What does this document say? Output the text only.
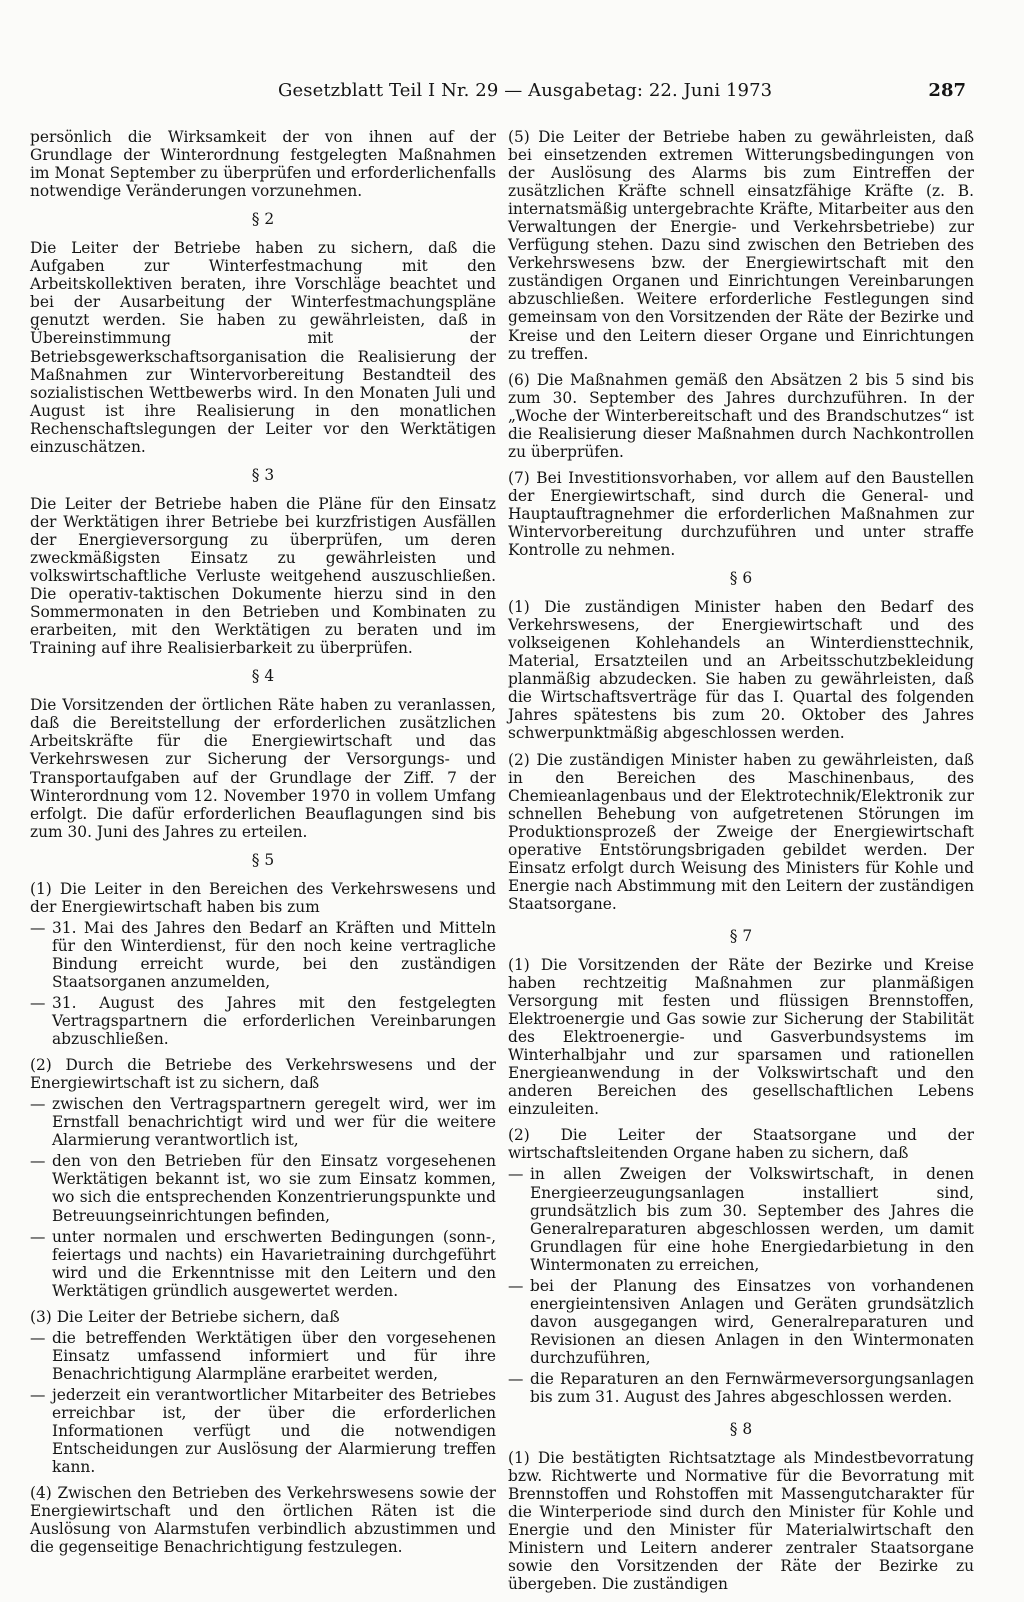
Gesetzblatt Teil I Nr. 29 — Ausgabetag: 22. Juni 1973	287

persönlich die Wirksamkeit der von ihnen auf der Grundlage der Winterordnung festgelegten Maßnahmen im Monat September zu überprüfen und erforderlichenfalls notwendige Veränderungen vorzunehmen.

§ 2

Die Leiter der Betriebe haben zu sichern, daß die Aufgaben zur Winterfestmachung mit den Arbeitskollektiven beraten, ihre Vorschläge beachtet und bei der Ausarbeitung der Winterfestmachungspläne genutzt werden. Sie haben zu gewährleisten, daß in Übereinstimmung mit der Betriebsgewerkschaftsorganisation die Realisierung der Maßnahmen zur Wintervorbereitung Bestandteil des sozialistischen Wettbewerbs wird. In den Monaten Juli und August ist ihre Realisierung in den monatlichen Rechenschaftslegungen der Leiter vor den Werktätigen einzuschätzen.

§ 3

Die Leiter der Betriebe haben die Pläne für den Einsatz der Werktätigen ihrer Betriebe bei kurzfristigen Ausfällen der Energieversorgung zu überprüfen, um deren zweckmäßigsten Einsatz zu gewährleisten und volkswirtschaftliche Verluste weitgehend auszuschließen. Die operativ-taktischen Dokumente hierzu sind in den Sommermonaten in den Betrieben und Kombinaten zu erarbeiten, mit den Werktätigen zu beraten und im Training auf ihre Realisierbarkeit zu überprüfen.

§ 4

Die Vorsitzenden der örtlichen Räte haben zu veranlassen, daß die Bereitstellung der erforderlichen zusätzlichen Arbeitskräfte für die Energiewirtschaft und das Verkehrswesen zur Sicherung der Versorgungs- und Transportaufgaben auf der Grundlage der Ziff. 7 der Winterordnung vom 12. November 1970 in vollem Umfang erfolgt. Die dafür erforderlichen Beauflagungen sind bis zum 30. Juni des Jahres zu erteilen.

§ 5

(1) Die Leiter in den Bereichen des Verkehrswesens und der Energiewirtschaft haben bis zum

— 31. Mai des Jahres den Bedarf an Kräften und Mitteln für den Winterdienst, für den noch keine vertragliche Bindung erreicht wurde, bei den zuständigen Staatsorganen anzumelden,
— 31. August des Jahres mit den festgelegten Vertragspartnern die erforderlichen Vereinbarungen abzuschließen.

(2) Durch die Betriebe des Verkehrswesens und der Energiewirtschaft ist zu sichern, daß

— zwischen den Vertragspartnern geregelt wird, wer im Ernstfall benachrichtigt wird und wer für die weitere Alarmierung verantwortlich ist,
— den von den Betrieben für den Einsatz vorgesehenen Werktätigen bekannt ist, wo sie zum Einsatz kommen, wo sich die entsprechenden Konzentrierungspunkte und Betreuungseinrichtungen befinden,
— unter normalen und erschwerten Bedingungen (sonn-, feiertags und nachts) ein Havarietraining durchgeführt wird und die Erkenntnisse mit den Leitern und den Werktätigen gründlich ausgewertet werden.

(3) Die Leiter der Betriebe sichern, daß

— die betreffenden Werktätigen über den vorgesehenen Einsatz umfassend informiert und für ihre Benachrichtigung Alarmpläne erarbeitet werden,
— jederzeit ein verantwortlicher Mitarbeiter des Betriebes erreichbar ist, der über die erforderlichen Informationen verfügt und die notwendigen Entscheidungen zur Auslösung der Alarmierung treffen kann.

(4) Zwischen den Betrieben des Verkehrswesens sowie der Energiewirtschaft und den örtlichen Räten ist die Auslösung von Alarmstufen verbindlich abzustimmen und die gegenseitige Benachrichtigung festzulegen.

(5) Die Leiter der Betriebe haben zu gewährleisten, daß bei einsetzenden extremen Witterungsbedingungen von der Auslösung des Alarms bis zum Eintreffen der zusätzlichen Kräfte schnell einsatzfähige Kräfte (z. B. internatsmäßig untergebrachte Kräfte, Mitarbeiter aus den Verwaltungen der Energie- und Verkehrsbetriebe) zur Verfügung stehen. Dazu sind zwischen den Betrieben des Verkehrswesens bzw. der Energiewirtschaft mit den zuständigen Organen und Einrichtungen Vereinbarungen abzuschließen. Weitere erforderliche Festlegungen sind gemeinsam von den Vorsitzenden der Räte der Bezirke und Kreise und den Leitern dieser Organe und Einrichtungen zu treffen.

(6) Die Maßnahmen gemäß den Absätzen 2 bis 5 sind bis zum 30. September des Jahres durchzuführen. In der „Woche der Winterbereitschaft und des Brandschutzes“ ist die Realisierung dieser Maßnahmen durch Nachkontrollen zu überprüfen.

(7) Bei Investitionsvorhaben, vor allem auf den Baustellen der Energiewirtschaft, sind durch die General- und Hauptauftragnehmer die erforderlichen Maßnahmen zur Wintervorbereitung durchzuführen und unter straffe Kontrolle zu nehmen.

§ 6

(1) Die zuständigen Minister haben den Bedarf des Verkehrswesens, der Energiewirtschaft und des volkseigenen Kohlehandels an Winterdiensttechnik, Material, Ersatzteilen und an Arbeitsschutzbekleidung planmäßig abzudecken. Sie haben zu gewährleisten, daß die Wirtschaftsverträge für das I. Quartal des folgenden Jahres spätestens bis zum 20. Oktober des Jahres schwerpunktmäßig abgeschlossen werden.

(2) Die zuständigen Minister haben zu gewährleisten, daß in den Bereichen des Maschinenbaus, des Chemieanlagenbaus und der Elektrotechnik/Elektronik zur schnellen Behebung von aufgetretenen Störungen im Produktionsprozeß der Zweige der Energiewirtschaft operative Entstörungsbrigaden gebildet werden. Der Einsatz erfolgt durch Weisung des Ministers für Kohle und Energie nach Abstimmung mit den Leitern der zuständigen Staatsorgane.

§ 7

(1) Die Vorsitzenden der Räte der Bezirke und Kreise haben rechtzeitig Maßnahmen zur planmäßigen Versorgung mit festen und flüssigen Brennstoffen, Elektroenergie und Gas sowie zur Sicherung der Stabilität des Elektroenergie- und Gasverbundsystems im Winterhalbjahr und zur sparsamen und rationellen Energieanwendung in der Volkswirtschaft und den anderen Bereichen des gesellschaftlichen Lebens einzuleiten.

(2) Die Leiter der Staatsorgane und der wirtschaftsleitenden Organe haben zu sichern, daß

— in allen Zweigen der Volkswirtschaft, in denen Energieerzeugungsanlagen installiert sind, grundsätzlich bis zum 30. September des Jahres die Generalreparaturen abgeschlossen werden, um damit Grundlagen für eine hohe Energiedarbietung in den Wintermonaten zu erreichen,
— bei der Planung des Einsatzes von vorhandenen energieintensiven Anlagen und Geräten grundsätzlich davon ausgegangen wird, Generalreparaturen und Revisionen an diesen Anlagen in den Wintermonaten durchzuführen,
— die Reparaturen an den Fernwärmeversorgungsanlagen bis zum 31. August des Jahres abgeschlossen werden.
§ 8

(1) Die bestätigten Richtsatztage als Mindestbevorratung bzw. Richtwerte und Normative für die Bevorratung mit Brennstoffen und Rohstoffen mit Massengutcharakter für die Winterperiode sind durch den Minister für Kohle und Energie und den Minister für Materialwirtschaft den Ministern und Leitern anderer zentraler Staatsorgane sowie den Vorsitzenden der Räte der Bezirke zu übergeben. Die zuständigen
